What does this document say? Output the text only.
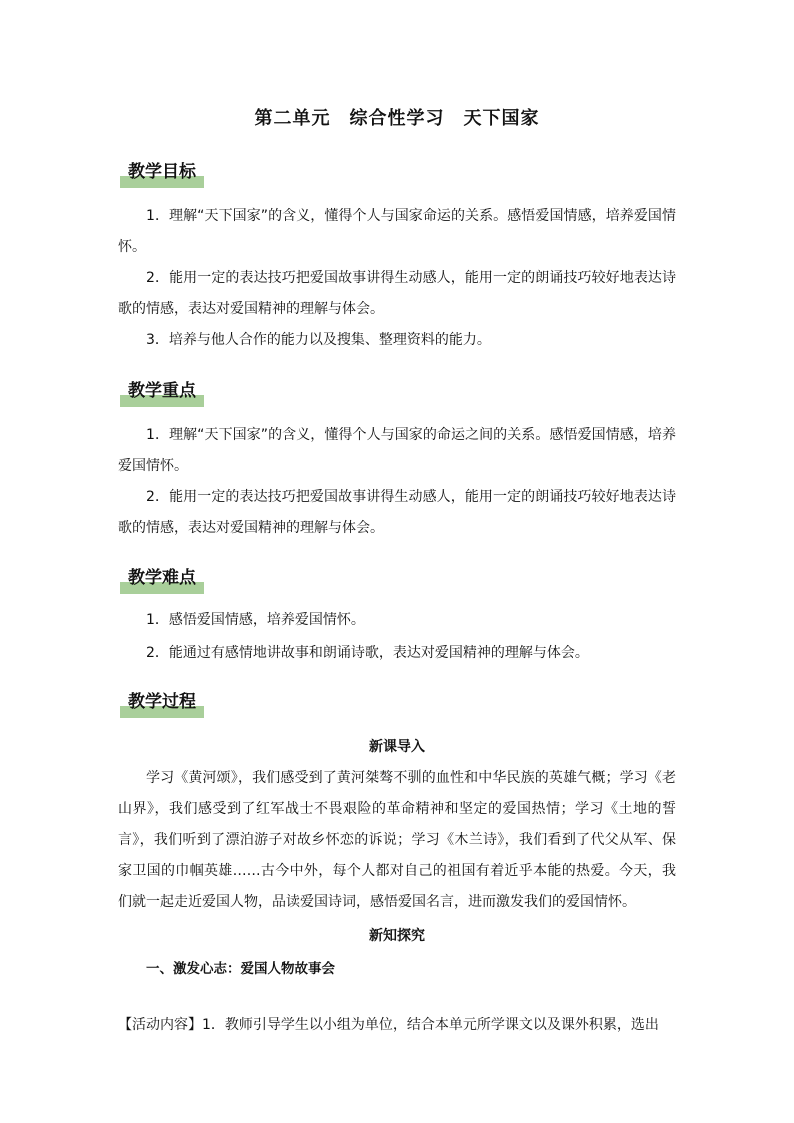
第二单元　综合性学习　天下国家
教学目标
1．理解“天下国家”的含义，懂得个人与国家命运的关系。感悟爱国情感，培养爱国情怀。
2．能用一定的表达技巧把爱国故事讲得生动感人，能用一定的朗诵技巧较好地表达诗歌的情感，表达对爱国精神的理解与体会。
3．培养与他人合作的能力以及搜集、整理资料的能力。
教学重点
1．理解“天下国家”的含义，懂得个人与国家的命运之间的关系。感悟爱国情感，培养爱国情怀。
2．能用一定的表达技巧把爱国故事讲得生动感人，能用一定的朗诵技巧较好地表达诗歌的情感，表达对爱国精神的理解与体会。
教学难点
1．感悟爱国情感，培养爱国情怀。
2．能通过有感情地讲故事和朗诵诗歌，表达对爱国精神的理解与体会。
教学过程
新课导入
学习《黄河颂》，我们感受到了黄河桀骜不驯的血性和中华民族的英雄气概；学习《老山界》，我们感受到了红军战士不畏艰险的革命精神和坚定的爱国热情；学习《土地的誓言》，我们听到了漂泊游子对故乡怀恋的诉说；学习《木兰诗》，我们看到了代父从军、保家卫国的巾帼英雄……古今中外，每个人都对自己的祖国有着近乎本能的热爱。今天，我们就一起走近爱国人物，品读爱国诗词，感悟爱国名言，进而激发我们的爱国情怀。
新知探究
一、激发心志：爱国人物故事会
【活动内容】1．教师引导学生以小组为单位，结合本单元所学课文以及课外积累，选出
